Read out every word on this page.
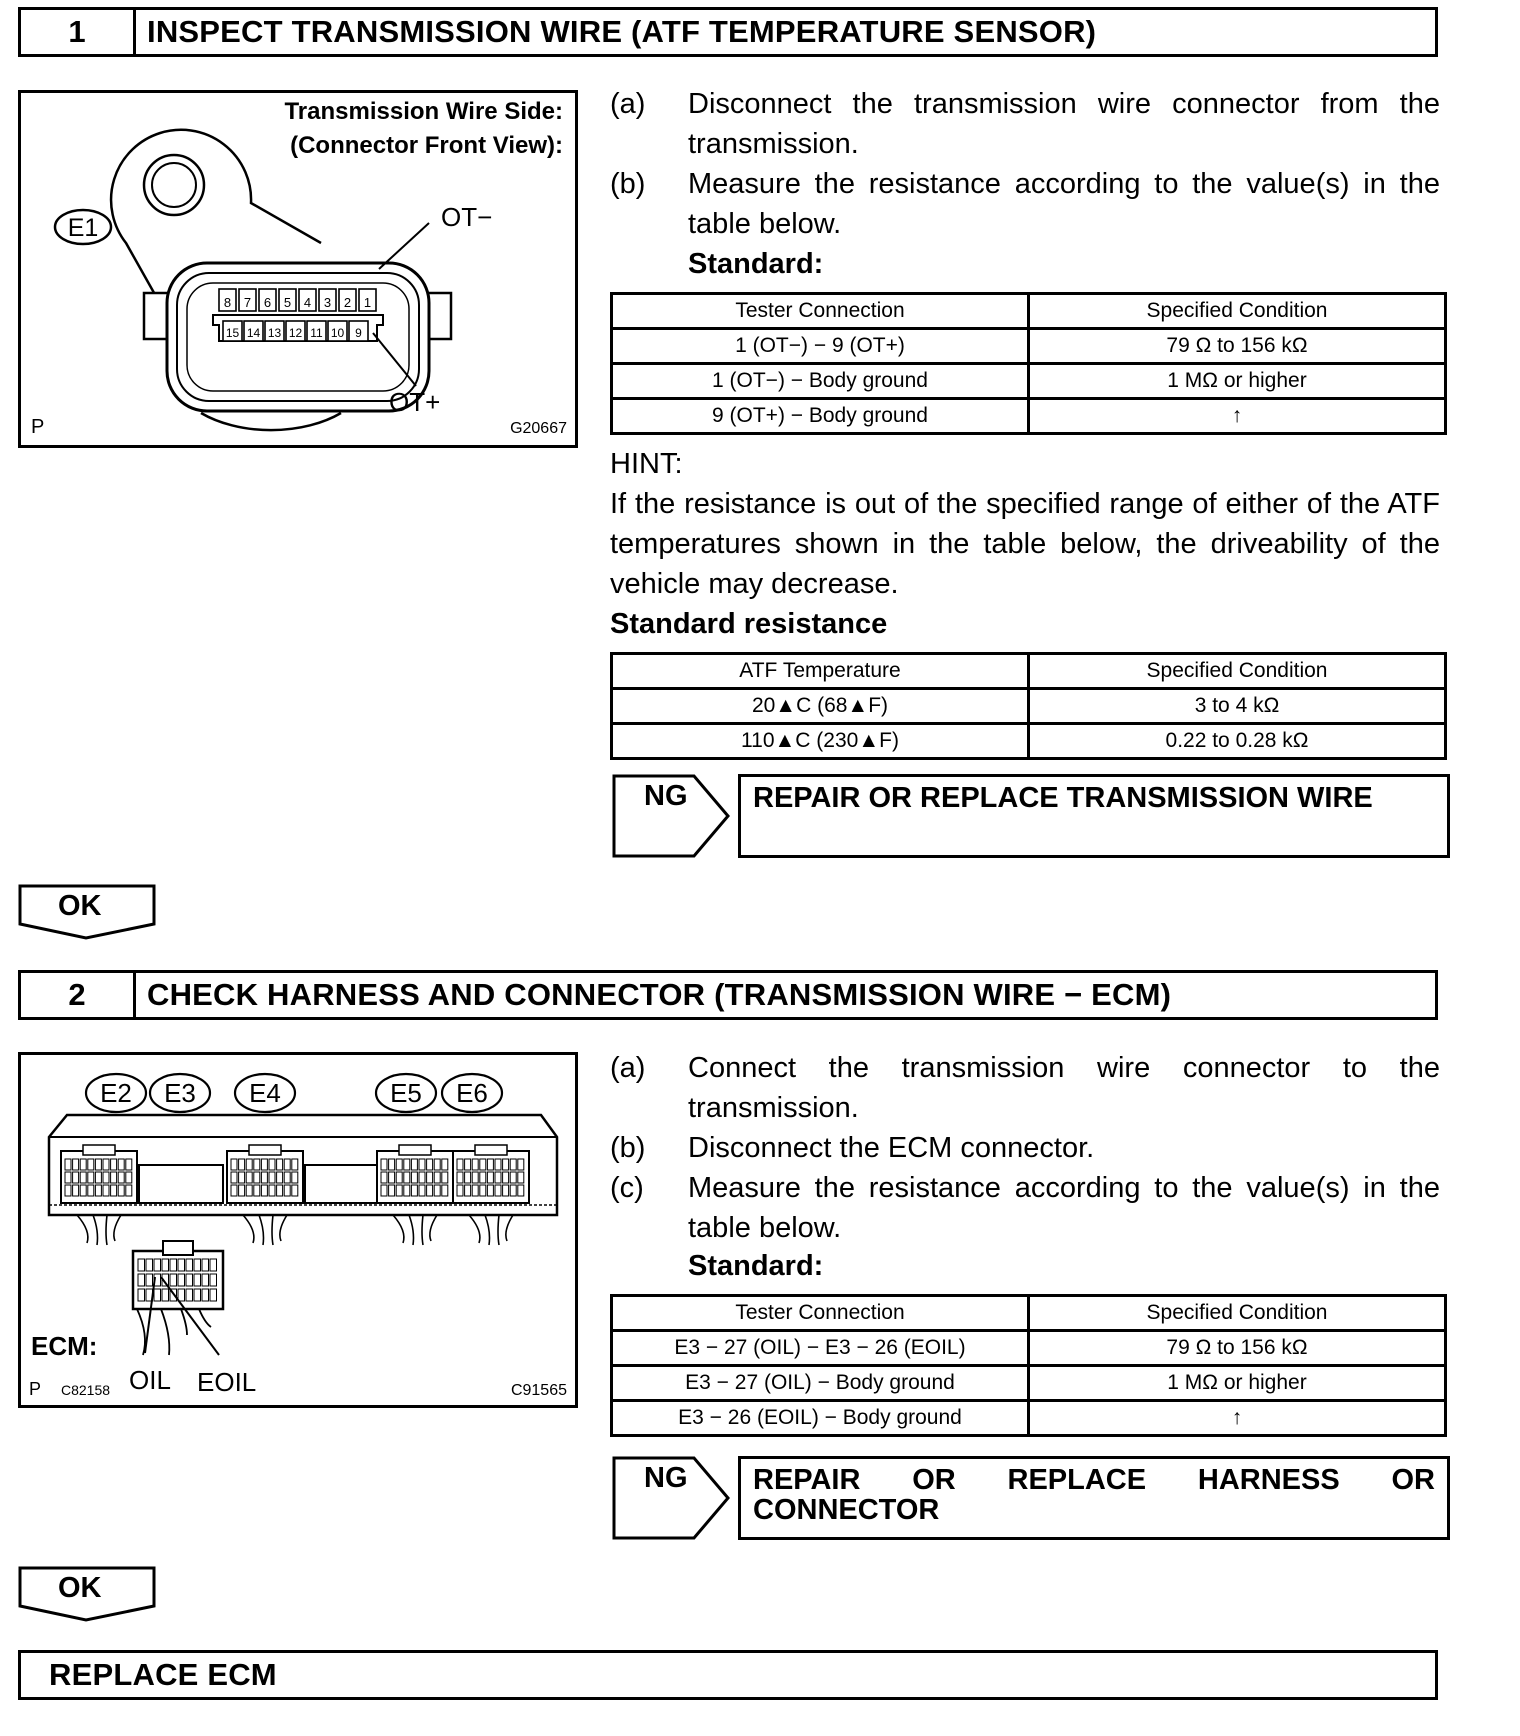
1	INSPECT TRANSMISSION WIRE (ATF TEMPERATURE SENSOR)
8 7 6 5 4 3 2 1
15 14 13 12 11 10 9
E1
Transmission Wire Side:
(Connector Front View):
OT−
OT+
P	G20667
(a) Disconnect the transmission wire connector from the transmission.
(b) Measure the resistance according to the value(s) in the table below.
Standard:
Tester Connection	Specified Condition
1 (OT−) − 9 (OT+)	79 Ω to 156 kΩ
1 (OT−) − Body ground	1 MΩ or higher
9 (OT+) − Body ground	↑
HINT:
If the resistance is out of the specified range of either of the ATF temperatures shown in the table below, the driveability of the vehicle may decrease.
Standard resistance
ATF Temperature	Specified Condition
20▲C (68▲F)	3 to 4 kΩ
110▲C (230▲F)	0.22 to 0.28 kΩ
NG	REPAIR OR REPLACE TRANSMISSION WIRE
OK
2	CHECK HARNESS AND CONNECTOR (TRANSMISSION WIRE − ECM)
E2 E3 E4	E5 E6
ECM:
OIL EOIL
P C82158	C91565
(a) Connect the transmission wire connector to the transmission.
(b) Disconnect the ECM connector.
(c) Measure the resistance according to the value(s) in the table below.
Standard:
Tester Connection	Specified Condition
E3 − 27 (OIL) − E3 − 26 (EOIL)	79 Ω to 156 kΩ
E3 − 27 (OIL) − Body ground	1 MΩ or higher
E3 − 26 (EOIL) − Body ground	↑
NG	REPAIR OR REPLACE HARNESS OR CONNECTOR
OK
REPLACE ECM
